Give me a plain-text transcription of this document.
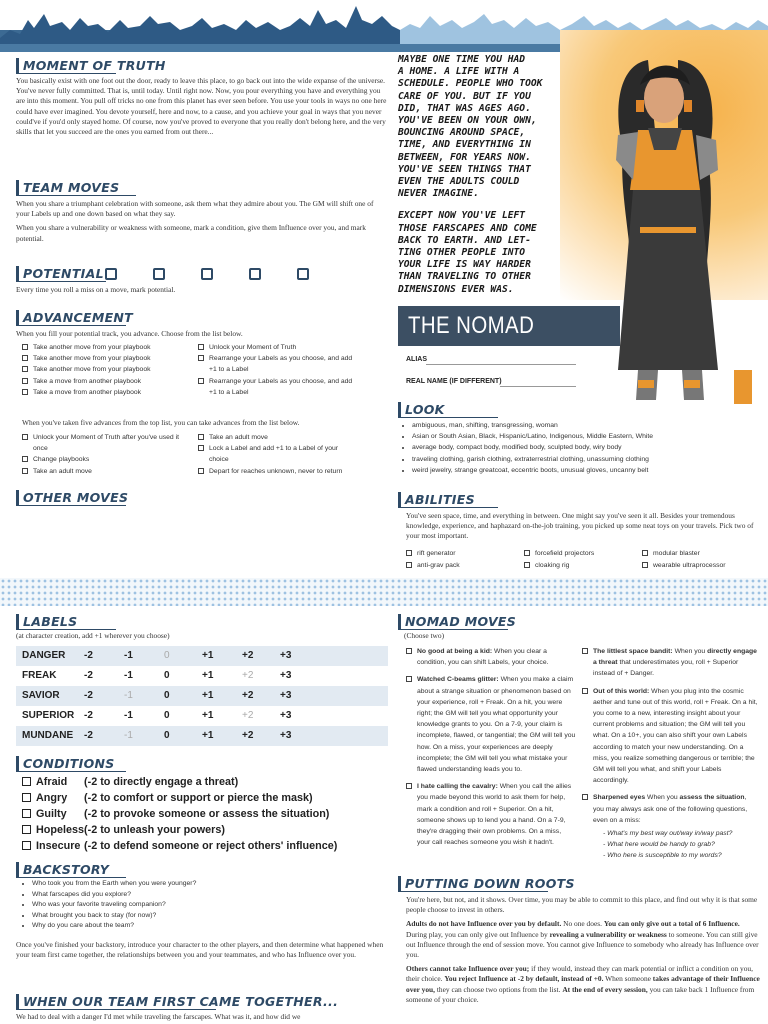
MOMENT OF TRUTH
You basically exist with one foot out the door, ready to leave this place, to go back out into the wide expanse of the universe. You've never fully committed. That is, until today. Until right now. Now, you pour everything you have and everything you are into this moment. You pull off tricks no one from this planet has ever seen before. You use your tools in ways no one here could have ever imagined. You devote yourself, here and now, to a cause, and you achieve your goal in ways that you never could've if you'd only stayed home. Of course, now you've proved to everyone that you really don't belong here, and the very skills that let you succeed are the ones you earned from out there...
TEAM MOVES
When you share a triumphant celebration with someone, ask them what they admire about you. The GM will shift one of your Labels up and one down based on what they say.
When you share a vulnerability or weakness with someone, mark a condition, give them Influence over you, and mark potential.
POTENTIAL
Every time you roll a miss on a move, mark potential.
ADVANCEMENT
When you fill your potential track, you advance. Choose from the list below.
Take another move from your playbook
Take another move from your playbook
Take another move from your playbook
Take a move from another playbook
Take a move from another playbook
Unlock your Moment of Truth
Rearrange your Labels as you choose, and add
+1 to a Label
Rearrange your Labels as you choose, and add
+1 to a Label
When you've taken five advances from the top list, you can take advances from the list below.
Unlock your Moment of Truth after you've used it
once
Change playbooks
Take an adult move
Take an adult move
Lock a Label and add +1 to a Label of your
choice
Depart for reaches unknown, never to return
OTHER MOVES
MAYBE ONE TIME YOU HAD
A HOME. A LIFE WITH A
SCHEDULE. PEOPLE WHO TOOK
CARE OF YOU. BUT IF YOU
DID, THAT WAS AGES AGO.
YOU'VE BEEN ON YOUR OWN,
BOUNCING AROUND SPACE,
TIME, AND EVERYTHING IN
BETWEEN, FOR YEARS NOW.
YOU'VE SEEN THINGS THAT
EVEN THE ADULTS COULD
NEVER IMAGINE.
EXCEPT NOW YOU'VE LEFT
THOSE FARSCAPES AND COME
BACK TO EARTH. AND LET-
TING OTHER PEOPLE INTO
YOUR LIFE IS WAY HARDER
THAN TRAVELING TO OTHER
DIMENSIONS EVER WAS.
THE NOMAD
ALIAS
REAL NAME (IF DIFFERENT)
LOOK
• ambiguous, man, shifting, transgressing, woman
• Asian or South Asian, Black, Hispanic/Latino, Indigenous, Middle Eastern, White
• average body, compact body, modified body, sculpted body, wiry body
• traveling clothing, garish clothing, extraterrestrial clothing, unassuming clothing
• weird jewelry, strange greatcoat, eccentric boots, unusual gloves, uncanny belt
ABILITIES
You've seen space, time, and everything in between. One might say you've seen it all. Besides your tremendous knowledge, experience, and haphazard on-the-job training, you picked up some neat toys on your travels. Pick two of your most important.
rift generator	forcefield projectors	modular blaster
anti-grav pack	cloaking rig	wearable ultraprocessor
LABELS
(at character creation, add +1 wherever you choose)
DANGER -2	-1	0	+1	+2	+3
FREAK	-2	-1	0	+1	+2	+3
SAVIOR -2	-1	0	+1	+2	+3
SUPERIOR -2	-1	0	+1	+2	+3
MUNDANE -2	-1	0	+1	+2	+3
CONDITIONS
Afraid (-2 to directly engage a threat)
Angry (-2 to comfort or support or pierce the mask)
Guilty (-2 to provoke someone or assess the situation)
Hopeless(-2 to unleash your powers)
Insecure (-2 to defend someone or reject others' influence)
BACKSTORY
• Who took you from the Earth when you were younger?
• What farscapes did you explore?
• Who was your favorite traveling companion?
• What brought you back to stay (for now)?
• Why do you care about the team?
Once you've finished your backstory, introduce your character to the other players, and then determine what happened when your team first came together, the relationships between you and your teammates, and who has Influence over you.
WHEN OUR TEAM FIRST CAME TOGETHER...
We had to deal with a danger I'd met while traveling the farscapes. What was it, and how did we
NOMAD MOVES
(Choose two)
No good at being a kid: When you clear a condition, you can shift Labels, your choice.
Watched C-beams glitter: When you make a claim about a strange situation or phenomenon based on your experience, roll + Freak. On a hit, you were right; the GM will tell you what opportunity your knowledge grants to you. On a 7-9, your claim is incomplete, flawed, or tangential; the GM will tell you how. On a miss, your experiences are deeply incomplete; the GM will tell you what mistake your flawed understanding leads you to.
I hate calling the cavalry: When you call the allies you made beyond this world to ask them for help, mark a condition and roll + Superior. On a hit, someone shows up to lend you a hand. On a 7-9, they're dragging their own problems. On a miss, your call reaches someone you wish it hadn't.
The littlest space bandit: When you directly engage a threat that underestimates you, roll + Superior instead of + Danger.
Out of this world: When you plug into the cosmic aether and tune out of this world, roll + Freak. On a hit, you come to a new, interesting insight about your current problems and situation; the GM will tell you what. On a 10+, you can also shift your own Labels according to match your new understanding. On a miss, you realize something dangerous or terrible; the GM will tell you what, and shift your Labels accordingly.
Sharpened eyes When you assess the situation, you may always ask one of the following questions, even on a miss:
- What's my best way out/way in/way past?
- What here would be handy to grab?
- Who here is susceptible to my words?
PUTTING DOWN ROOTS
You're here, but not, and it shows. Over time, you may be able to commit to this place, and find out why it is that some people choose to invest in others.
Adults do not have Influence over you by default. No one does. You can only give out a total of 6 Influence. During play, you can only give out Influence by revealing a vulnerability or weakness to someone. You can still give out Influence through the end of session move. You cannot give Influence to somebody who already has Influence over you.
Others cannot take Influence over you; if they would, instead they can mark potential or inflict a condition on you, their choice. You reject Influence at -2 by default, instead of +0. When someone takes advantage of their Influence over you, they can choose two options from the list. At the end of every session, you can take back 1 Influence from someone of your choice.
